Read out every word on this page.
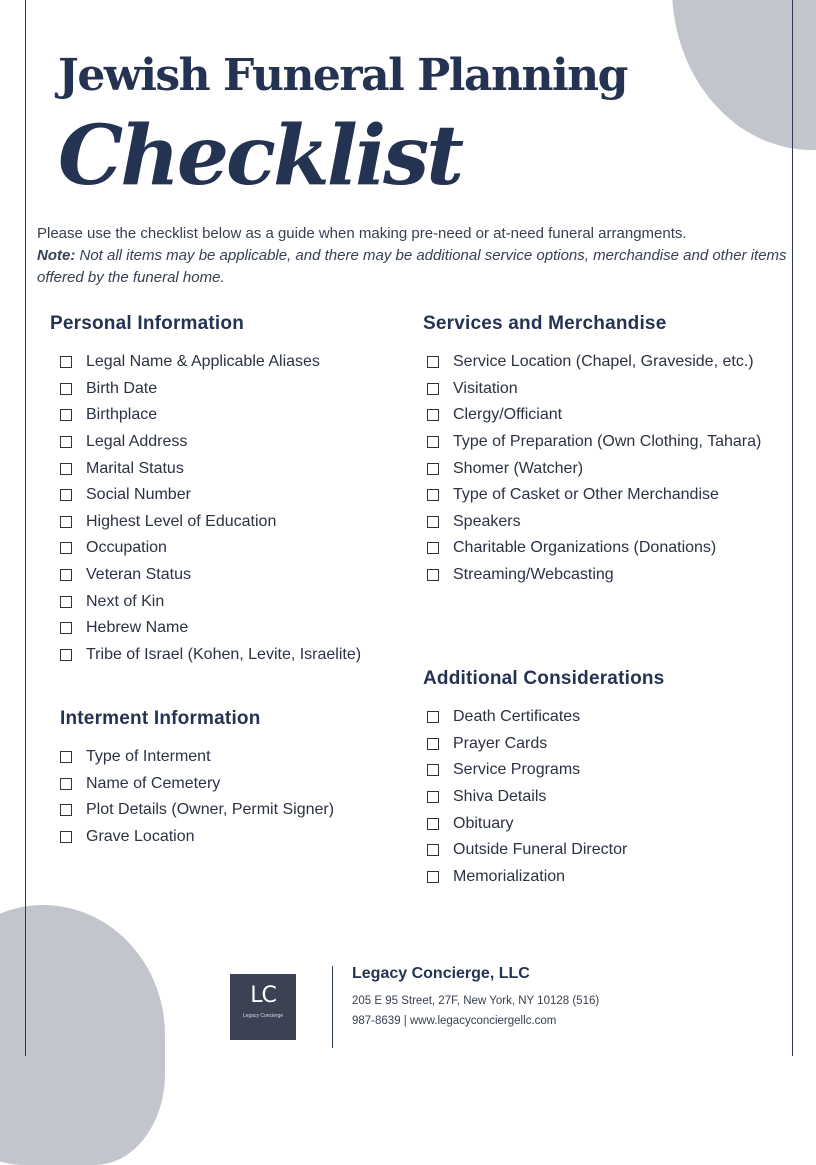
Jewish Funeral Planning
Checklist

Please use the checklist below as a guide when making pre-need or at-need funeral arrangments.

Note: Not all items may be applicable, and there may be additional service options, merchandise and other items offered by the funeral home.

Personal Information
Legal Name & Applicable Aliases
Birth Date
Birthplace
Legal Address
Marital Status
Social Number
Highest Level of Education
Occupation
Veteran Status
Next of Kin
Hebrew Name
Tribe of Israel (Kohen, Levite, Israelite)
Interment Information
Type of Interment
Name of Cemetery
Plot Details (Owner, Permit Signer)
Grave Location
Services and Merchandise
Service Location (Chapel, Graveside, etc.)
Visitation
Clergy/Officiant
Type of Preparation (Own Clothing, Tahara)
Shomer (Watcher)
Type of Casket or Other Merchandise
Speakers
Charitable Organizations (Donations)
Streaming/Webcasting
Additional Considerations
Death Certificates
Prayer Cards
Service Programs
Shiva Details
Obituary
Outside Funeral Director
Memorialization
LC
Legacy Concierge
Legacy Concierge, LLC
205 E 95 Street, 27F, New York, NY 10128 (516) 987-8639 | www.legacyconciergellc.com
